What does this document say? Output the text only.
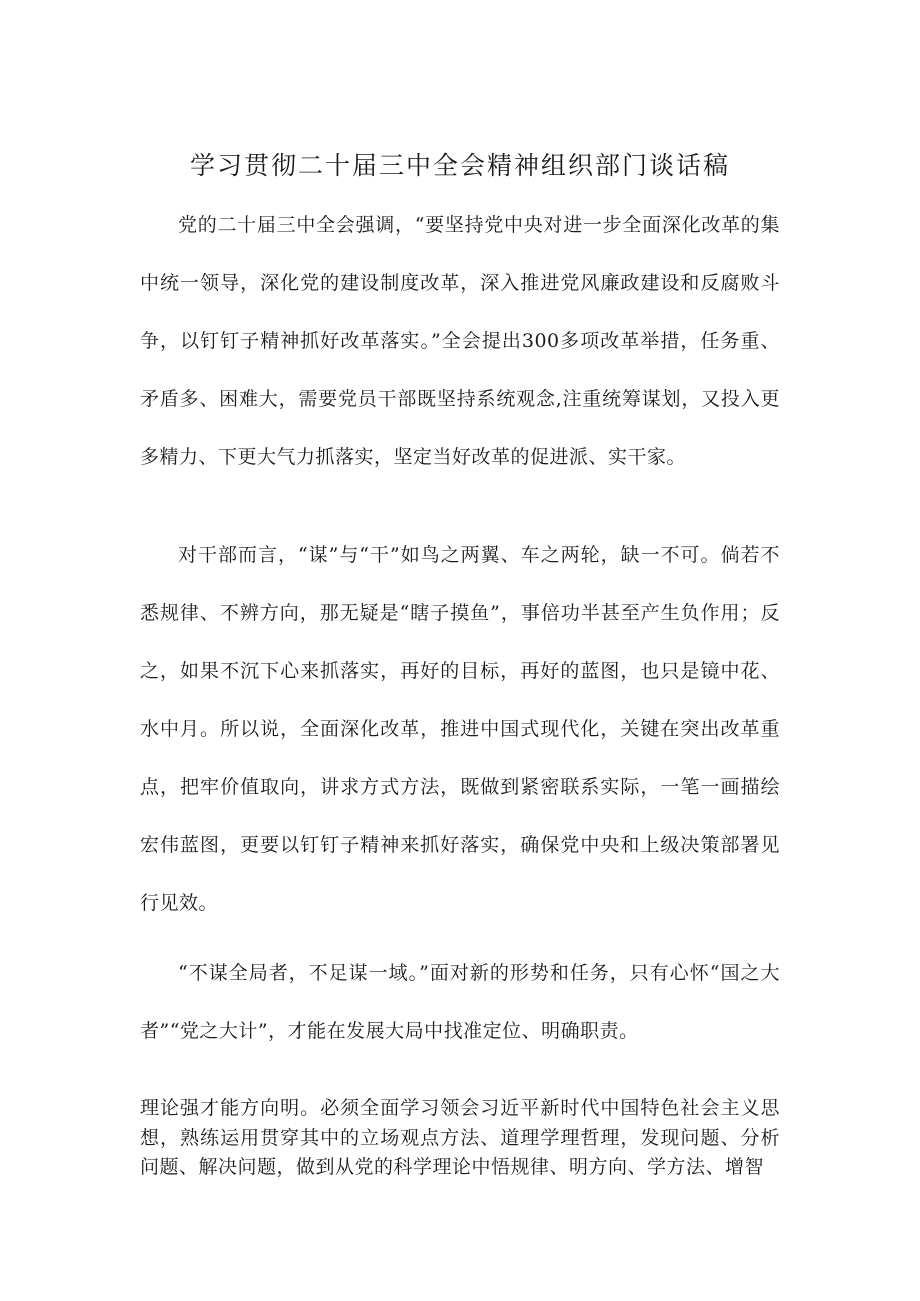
学习贯彻二十届三中全会精神组织部门谈话稿

党的二十届三中全会强调，“要坚持党中央对进一步全面深化改革的集中统一领导，深化党的建设制度改革，深入推进党风廉政建设和反腐败斗争，以钉钉子精神抓好改革落实。”全会提出300多项改革举措，任务重、矛盾多、困难大，需要党员干部既坚持系统观念,注重统筹谋划，又投入更多精力、下更大气力抓落实，坚定当好改革的促进派、实干家。

对干部而言，“谋”与“干”如鸟之两翼、车之两轮，缺一不可。倘若不悉规律、不辨方向，那无疑是“瞎子摸鱼”，事倍功半甚至产生负作用；反之，如果不沉下心来抓落实，再好的目标，再好的蓝图，也只是镜中花、水中月。所以说，全面深化改革，推进中国式现代化，关键在突出改革重点，把牢价值取向，讲求方式方法，既做到紧密联系实际，一笔一画描绘宏伟蓝图，更要以钉钉子精神来抓好落实，确保党中央和上级决策部署见行见效。

“不谋全局者，不足谋一域。”面对新的形势和任务，只有心怀“国之大者”“党之大计”，才能在发展大局中找准定位、明确职责。

理论强才能方向明。必须全面学习领会习近平新时代中国特色社会主义思想，熟练运用贯穿其中的立场观点方法、道理学理哲理，发现问题、分析问题、解决问题，做到从党的科学理论中悟规律、明方向、学方法、增智
